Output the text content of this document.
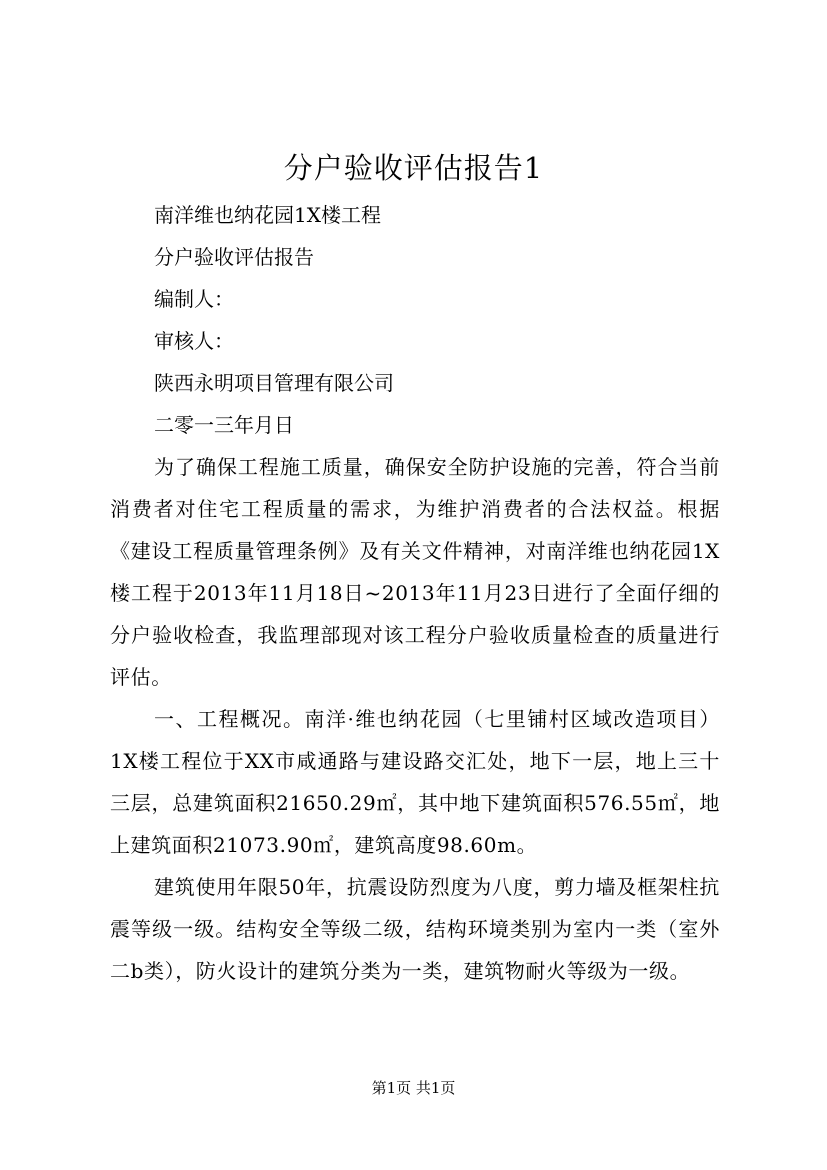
分户验收评估报告1

南洋维也纳花园1X楼工程

分户验收评估报告

编制人：

审核人：

陕西永明项目管理有限公司

二零一三年月日

为了确保工程施工质量，确保安全防护设施的完善，符合当前消费者对住宅工程质量的需求，为维护消费者的合法权益。根据《建设工程质量管理条例》及有关文件精神，对南洋维也纳花园1X楼工程于2013年11月18日~2013年11月23日进行了全面仔细的分户验收检查，我监理部现对该工程分户验收质量检查的质量进行评估。

一、工程概况。南洋·维也纳花园（七里铺村区域改造项目）1X楼工程位于XX市咸通路与建设路交汇处，地下一层，地上三十三层，总建筑面积21650.29㎡，其中地下建筑面积576.55㎡，地上建筑面积21073.90㎡，建筑高度98.60m。

建筑使用年限50年，抗震设防烈度为八度，剪力墙及框架柱抗震等级一级。结构安全等级二级，结构环境类别为室内一类（室外二b类），防火设计的建筑分类为一类，建筑物耐火等级为一级。

第1页 共1页
